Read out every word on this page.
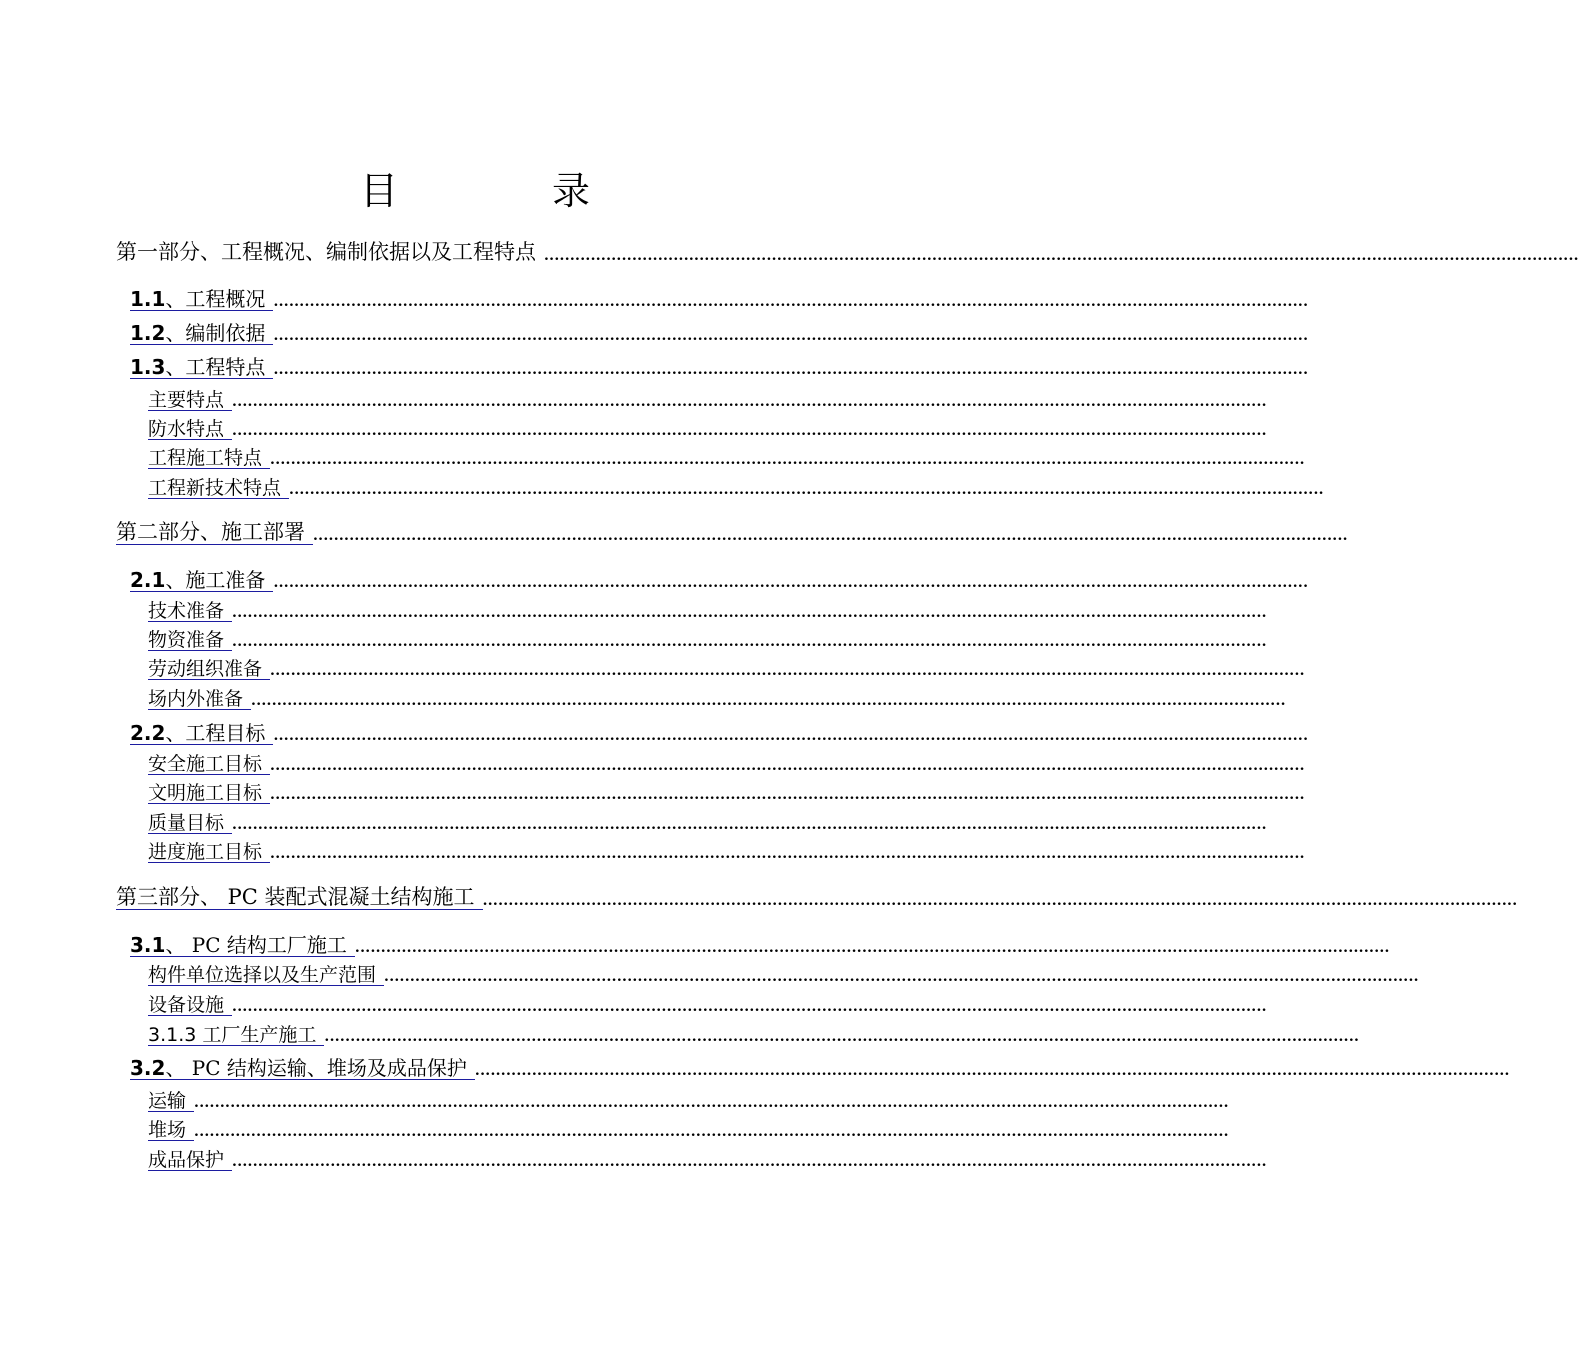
目　录
第一部分、工程概况、编制依据以及工程特点 ........................................................................................................................................................................................................
1.1、工程概况 ........................................................................................................................................................................................................
1.2、编制依据 ........................................................................................................................................................................................................
1.3、工程特点 ........................................................................................................................................................................................................
主要特点 ........................................................................................................................................................................................................
防水特点 ........................................................................................................................................................................................................
工程施工特点 ........................................................................................................................................................................................................
工程新技术特点 ........................................................................................................................................................................................................
第二部分、施工部署 ........................................................................................................................................................................................................
2.1、施工准备 ........................................................................................................................................................................................................
技术准备 ........................................................................................................................................................................................................
物资准备 ........................................................................................................................................................................................................
劳动组织准备 ........................................................................................................................................................................................................
场内外准备 ........................................................................................................................................................................................................
2.2、工程目标 ........................................................................................................................................................................................................
安全施工目标 ........................................................................................................................................................................................................
文明施工目标 ........................................................................................................................................................................................................
质量目标 ........................................................................................................................................................................................................
进度施工目标 ........................................................................................................................................................................................................
第三部分、 PC 装配式混凝土结构施工 ........................................................................................................................................................................................................
3.1、 PC 结构工厂施工 ........................................................................................................................................................................................................
构件单位选择以及生产范围 ........................................................................................................................................................................................................
设备设施 ........................................................................................................................................................................................................
3.1.3 工厂生产施工 ........................................................................................................................................................................................................
3.2、 PC 结构运输、堆场及成品保护 ........................................................................................................................................................................................................
运输 ........................................................................................................................................................................................................
堆场 ........................................................................................................................................................................................................
成品保护 ........................................................................................................................................................................................................
